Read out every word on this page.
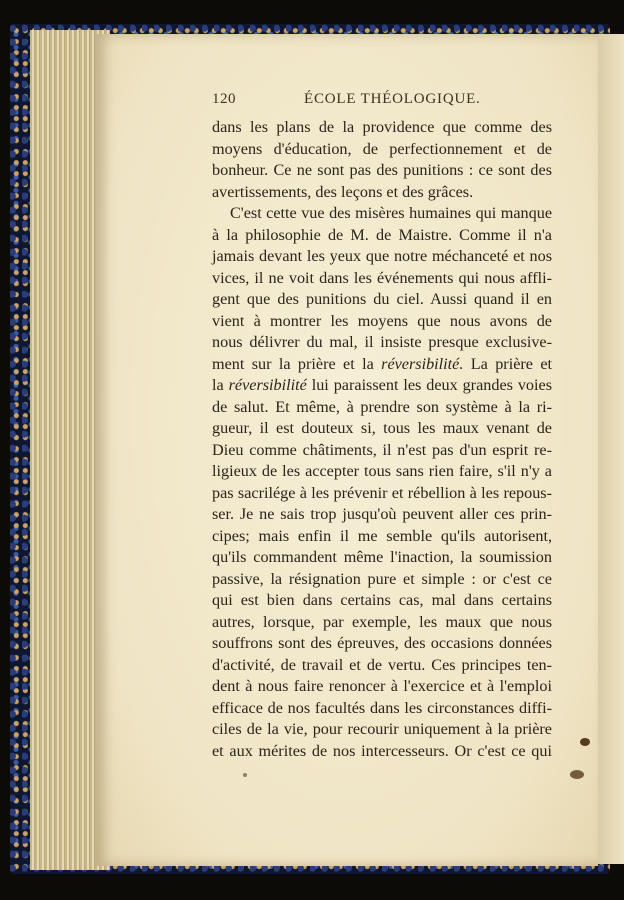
120	ÉCOLE THÉOLOGIQUE.
dans les plans de la providence que comme des
moyens d'éducation, de perfectionnement et de
bonheur. Ce ne sont pas des punitions : ce sont des
avertissements, des leçons et des grâces.
C'est cette vue des misères humaines qui manque
à la philosophie de M. de Maistre. Comme il n'a
jamais devant les yeux que notre méchanceté et nos
vices, il ne voit dans les événements qui nous affli-
gent que des punitions du ciel. Aussi quand il en
vient à montrer les moyens que nous avons de
nous délivrer du mal, il insiste presque exclusive-
ment sur la prière et la réversibilité. La prière et
la réversibilité lui paraissent les deux grandes voies
de salut. Et même, à prendre son système à la ri-
gueur, il est douteux si, tous les maux venant de
Dieu comme châtiments, il n'est pas d'un esprit re-
ligieux de les accepter tous sans rien faire, s'il n'y a
pas sacrilége à les prévenir et rébellion à les repous-
ser. Je ne sais trop jusqu'où peuvent aller ces prin-
cipes; mais enfin il me semble qu'ils autorisent,
qu'ils commandent même l'inaction, la soumission
passive, la résignation pure et simple : or c'est ce
qui est bien dans certains cas, mal dans certains
autres, lorsque, par exemple, les maux que nous
souffrons sont des épreuves, des occasions données
d'activité, de travail et de vertu. Ces principes ten-
dent à nous faire renoncer à l'exercice et à l'emploi
efficace de nos facultés dans les circonstances diffi-
ciles de la vie, pour recourir uniquement à la prière
et aux mérites de nos intercesseurs. Or c'est ce qui
